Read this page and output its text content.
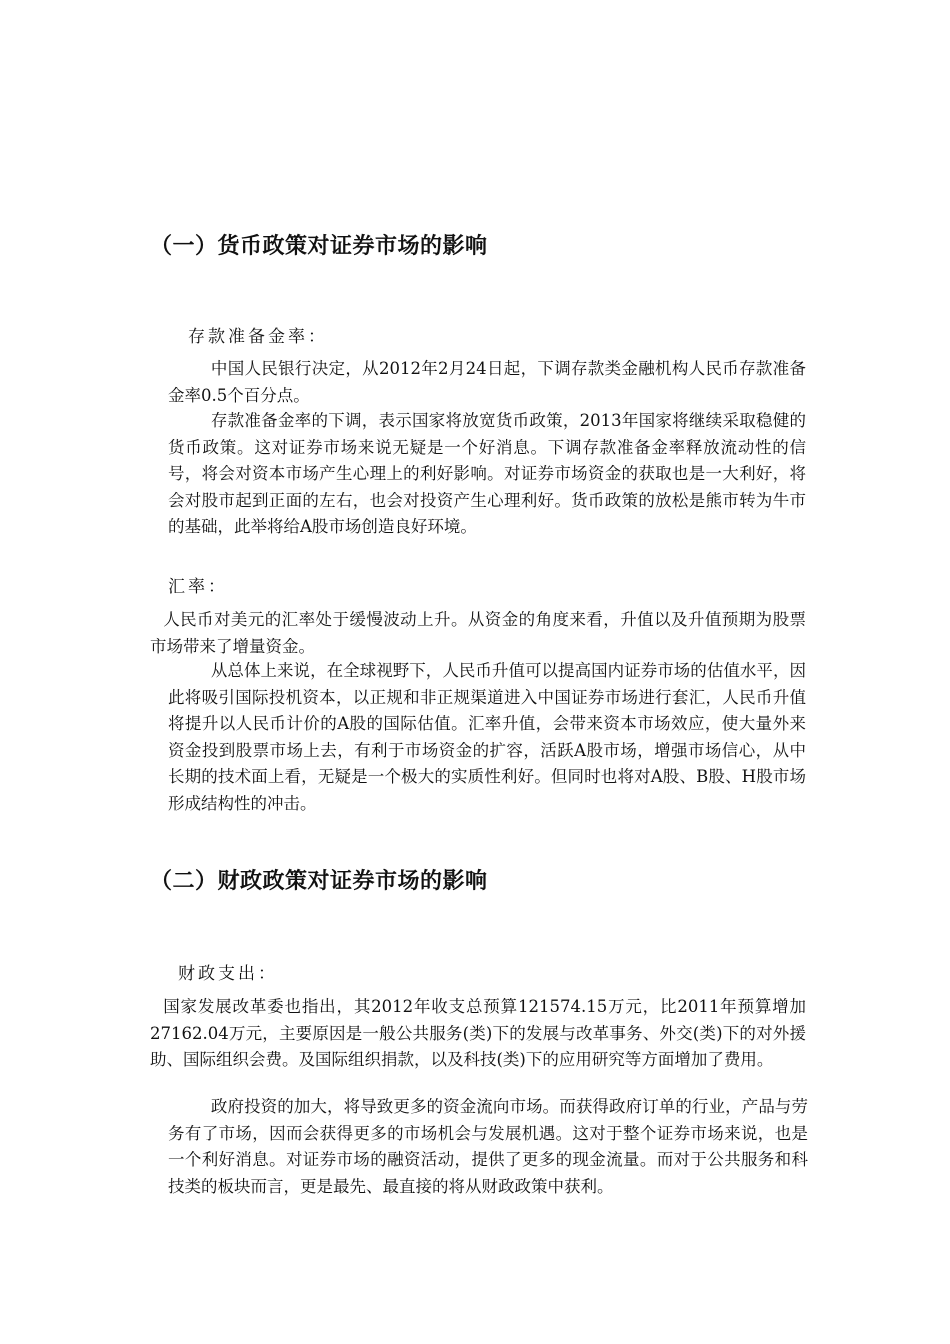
（一）货币政策对证券市场的影响

存款准备金率：

中国人民银行决定，从2012年2月24日起，下调存款类金融机构人民币存款准备金率0.5个百分点。

存款准备金率的下调，表示国家将放宽货币政策，2013年国家将继续采取稳健的货币政策。这对证券市场来说无疑是一个好消息。下调存款准备金率释放流动性的信号，将会对资本市场产生心理上的利好影响。对证券市场资金的获取也是一大利好，将会对股市起到正面的左右，也会对投资产生心理利好。货币政策的放松是熊市转为牛市的基础，此举将给A股市场创造良好环境。

汇率：

人民币对美元的汇率处于缓慢波动上升。从资金的角度来看，升值以及升值预期为股票市场带来了增量资金。

从总体上来说，在全球视野下，人民币升值可以提高国内证券市场的估值水平，因此将吸引国际投机资本，以正规和非正规渠道进入中国证券市场进行套汇，人民币升值将提升以人民币计价的A股的国际估值。汇率升值，会带来资本市场效应，使大量外来资金投到股票市场上去，有利于市场资金的扩容，活跃A股市场，增强市场信心，从中长期的技术面上看，无疑是一个极大的实质性利好。但同时也将对A股、B股、H股市场形成结构性的冲击。

（二）财政政策对证券市场的影响

财政支出：

国家发展改革委也指出，其2012年收支总预算121574.15万元，比2011年预算增加27162.04万元，主要原因是一般公共服务(类)下的发展与改革事务、外交(类)下的对外援助、国际组织会费。及国际组织捐款，以及科技(类)下的应用研究等方面增加了费用。

政府投资的加大，将导致更多的资金流向市场。而获得政府订单的行业，产品与劳务有了市场，因而会获得更多的市场机会与发展机遇。这对于整个证券市场来说，也是一个利好消息。对证券市场的融资活动，提供了更多的现金流量。而对于公共服务和科技类的板块而言，更是最先、最直接的将从财政政策中获利。
